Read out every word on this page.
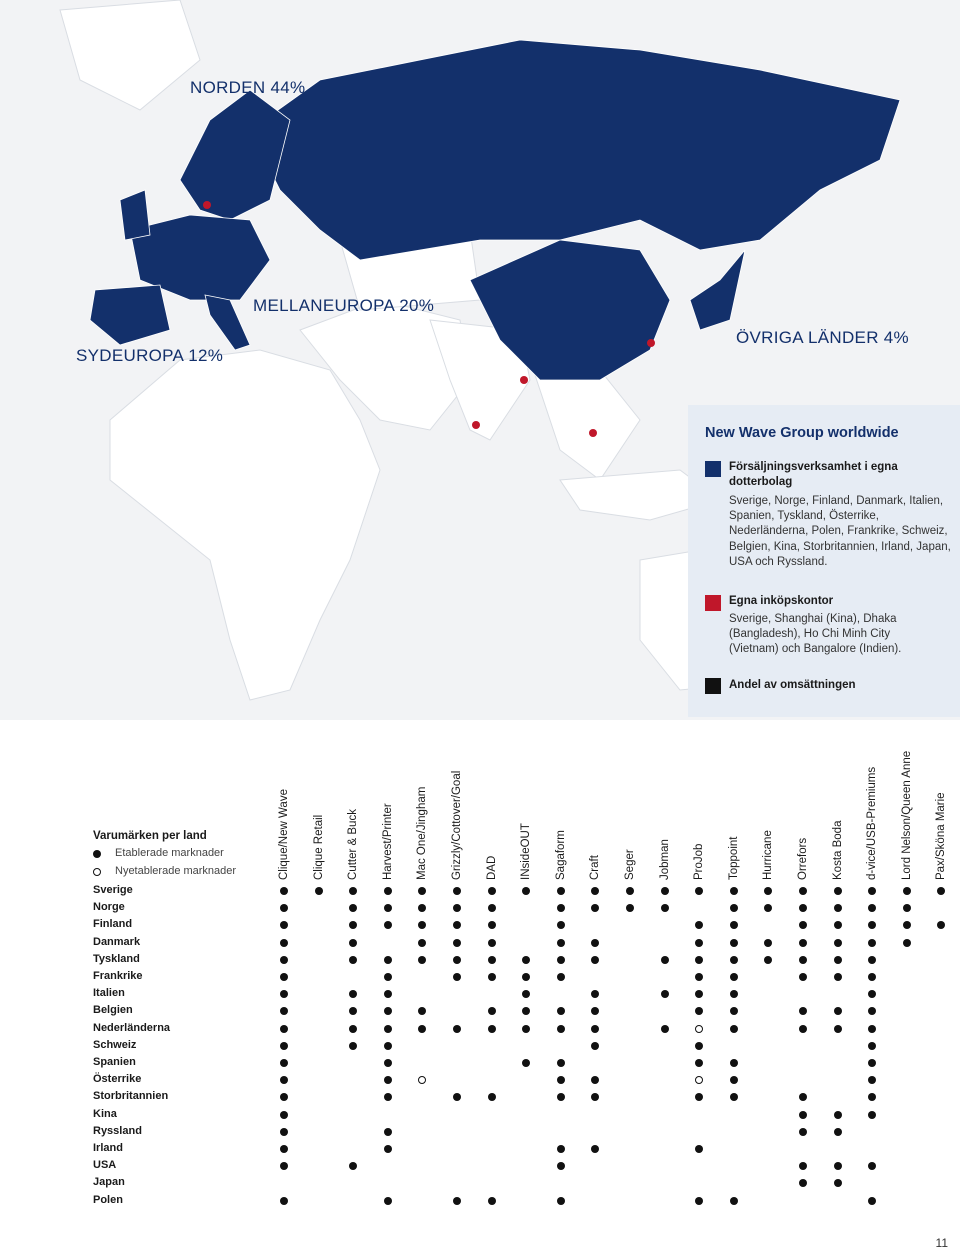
NORDEN 44%
MELLANEUROPA 20%
SYDEUROPA 12%
ÖVRIGA LÄNDER 4%
New Wave Group worldwide
Försäljningsverksamhet i egna dotterbolag
Sverige, Norge, Finland, Danmark, Italien, Spanien, Tyskland, Österrike, Nederländerna, Polen, Frankrike, Schweiz, Belgien, Kina, Storbritannien, Irland, Japan, USA och Ryssland.
Egna inköpskontor
Sverige, Shanghai (Kina), Dhaka (Bangladesh), Ho Chi Minh City (Vietnam) och Bangalore (Indien).
Andel av omsättningen
Varumärken per land
Etablerade marknader
Nyetablerade marknader
11
Clique/New Wave Clique Retail Cutter & Buck Harvest/Printer Mac One/Jingham Grizzly/Cottover/Goal DAD INsideOUT Sagaform Craft Seger Jobman ProJob Toppoint Hurricane Orrefors Kosta Boda d-vice/USB-Premiums Lord Nelson/Queen Anne Pax/Sköna Marie
Sverige
Norge
Finland
Danmark
Tyskland
Frankrike
Italien
Belgien
Nederländerna
Schweiz
Spanien
Österrike
Storbritannien
Kina
Ryssland
Irland
USA
Japan
Polen
